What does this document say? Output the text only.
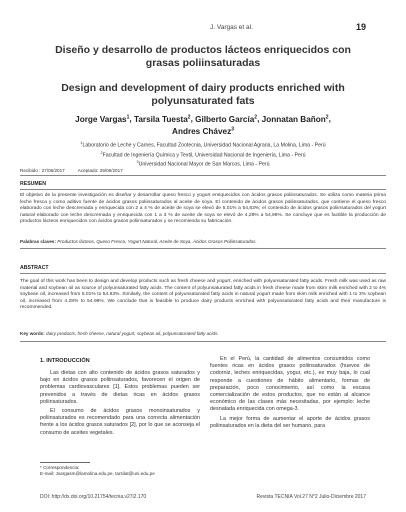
J. Vargas et al.	19
Diseño y desarrollo de productos lácteos enriquecidos con grasas poliinsaturadas
Design and development of dairy products enriched with polyunsaturated fats
Jorge Vargas$^1$, Tarsila Tuesta$^2$, Gilberto García$^2$, Jonnatan Bañon$^2$,
Andres Chávez$^3$
$^1$Laboratorio de Leche y Carnes, Facultad Zootecnia, Universidad Nacional Agraria, La Molina, Lima - Perú
$^2$Facultad de Ingeniería Química y Textil, Universidad Nacional de Ingeniería, Lima - Perú
$^3$Universidad Nacional Mayor de San Marcos, Lima - Perú
Recibido : 27/06/2017	Aceptado: 29/09/2017
RESUMEN
El objetivo de la presente investigación es diseñar y desarrollar queso fresco y yogurt enriquecidos con ácidos grasos poliinsaturados. Se utiliza como materia prima leche fresca y como aditivo fuente de ácidos grasos poliinsaturados al aceite de soya. El contenido de ácidos grasos poliinsaturados, que contiene el queso fresco elaborado con leche descremada y enriquecida con 2 a 4 % de aceite de soya se elevó de 5,01% a 54,83%; el contenido de ácidos grasos poliinsaturados del yogurt natural elaborado con leche descremada y enriquecida con 1 a 3 % de aceite de soya se elevó de 4,28% a 54,98%. Se concluye que es factible la producción de productos lácteos enriquecidos con ácidos grasos poliinsaturados y se recomienda su fabricación.
Palabras claves: Productos lácteos, Queso Fresco, Yogurt Natural, Aceite de Soya, Ácidos Grasos Poliinsaturados.
ABSTRACT
The goal of this work has been to design and develop products such as fresh cheese and yogurt, enriched with polyunsaturated fatty acids. Fresh milk was used as raw material and soybean oil as source of polyunsaturated fatty acids. The content of polyunsaturated fatty acids in fresh cheese made from skim milk enriched with 2 to 4% soybean oil, increased from 5.01% to 54.83%. Similarly, the content of polyunsaturated fatty acids in natural yogurt made from skim milk enriched with 1 to 3% soybean oil, increased from 4.28% to 54.98%. We conclude that is feasible to produce dairy products enriched with polyunsaturated fatty acids and their manufacture is recommended.
Key words: dairy products, fresh cheese, natural yogurt, soybean oil, polyunsaturated fatty acids.
1. INTRODUCCIÓN

Las dietas con alto contenido de ácidos grasos saturados y bajo en ácidos grasos poliinsaturados, favorecen el origen de problemas cardiovasculares [1]. Estos problemas pueden ser prevenidos a través de dietas ricas en ácidos grasos poliinsaturados.

El consumo de ácidos grasos monoinsaturados y poliinsaturados es recomendado para una correcta alimentación frente a los ácidos grasos saturados [2], por lo que se aconseja el consumo de aceites vegetales.

En el Perú, la cantidad de alimentos consumidos como fuentes ricas en ácidos grasos poliinsaturados (huevos de codorniz, leches enriquecidas, yogur, etc.), es muy baja, lo cual responde a cuestiones de hábito alimentario, formas de preparación, poco conocimiento, así como la escasa comercialización de estos productos, que no están al alcance económico de las clases más necesitadas, por ejemplo: leche desnatada enriquecida con omega-3.

La mejor forma de aumentar el aporte de ácidos grasos poliinsaturados en la dieta del ser humano, para

* Correspondencia:
E-mail: Jvargasm@lamolina.edu.pe, tarsilat@uni.edu.pe
DOI: http://dx.doi.org/10.21754/tecnia.v27i2.170	Revista TECNIA Vol.27 N°2 Julio-Diciembre 2017
